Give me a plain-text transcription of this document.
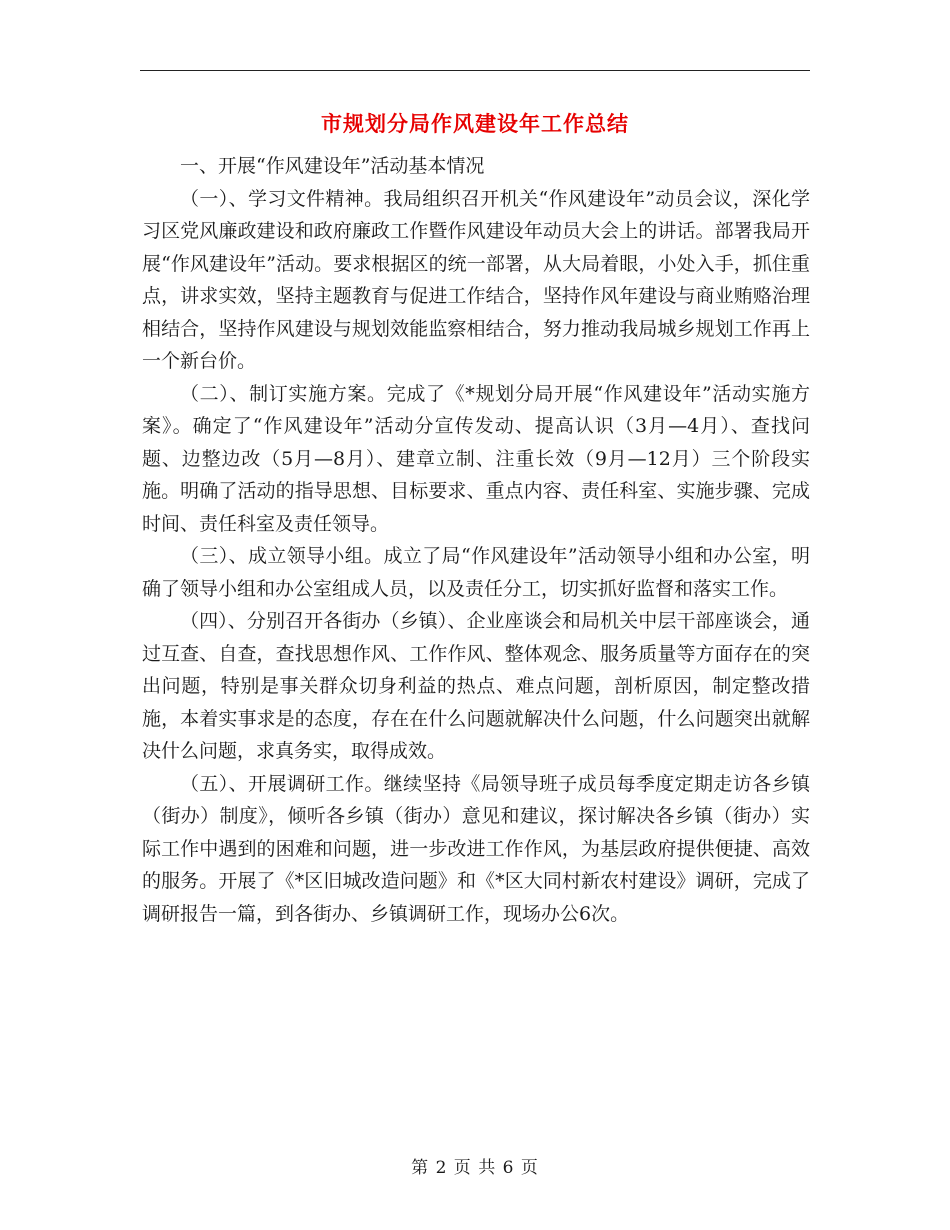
市规划分局作风建设年工作总结

一、开展“作风建设年”活动基本情况

（一）、学习文件精神。我局组织召开机关“作风建设年”动员会议，深化学习区党风廉政建设和政府廉政工作暨作风建设年动员大会上的讲话。部署我局开展“作风建设年”活动。要求根据区的统一部署，从大局着眼，小处入手，抓住重点，讲求实效，坚持主题教育与促进工作结合，坚持作风年建设与商业贿赂治理相结合，坚持作风建设与规划效能监察相结合，努力推动我局城乡规划工作再上一个新台价。

（二）、制订实施方案。完成了《*规划分局开展“作风建设年”活动实施方案》。确定了“作风建设年”活动分宣传发动、提高认识（3月—4月）、查找问题、边整边改（5月—8月）、建章立制、注重长效（9月—12月）三个阶段实施。明确了活动的指导思想、目标要求、重点内容、责任科室、实施步骤、完成时间、责任科室及责任领导。

（三）、成立领导小组。成立了局“作风建设年”活动领导小组和办公室，明确了领导小组和办公室组成人员，以及责任分工，切实抓好监督和落实工作。

（四）、分别召开各街办（乡镇）、企业座谈会和局机关中层干部座谈会，通过互查、自查，查找思想作风、工作作风、整体观念、服务质量等方面存在的突出问题，特别是事关群众切身利益的热点、难点问题，剖析原因，制定整改措施，本着实事求是的态度，存在在什么问题就解决什么问题，什么问题突出就解决什么问题，求真务实，取得成效。

（五）、开展调研工作。继续坚持《局领导班子成员每季度定期走访各乡镇（街办）制度》，倾听各乡镇（街办）意见和建议，探讨解决各乡镇（街办）实际工作中遇到的困难和问题，进一步改进工作作风，为基层政府提供便捷、高效的服务。开展了《*区旧城改造问题》和《*区大同村新农村建设》调研，完成了调研报告一篇，到各街办、乡镇调研工作，现场办公6次。

第 2 页 共 6 页
